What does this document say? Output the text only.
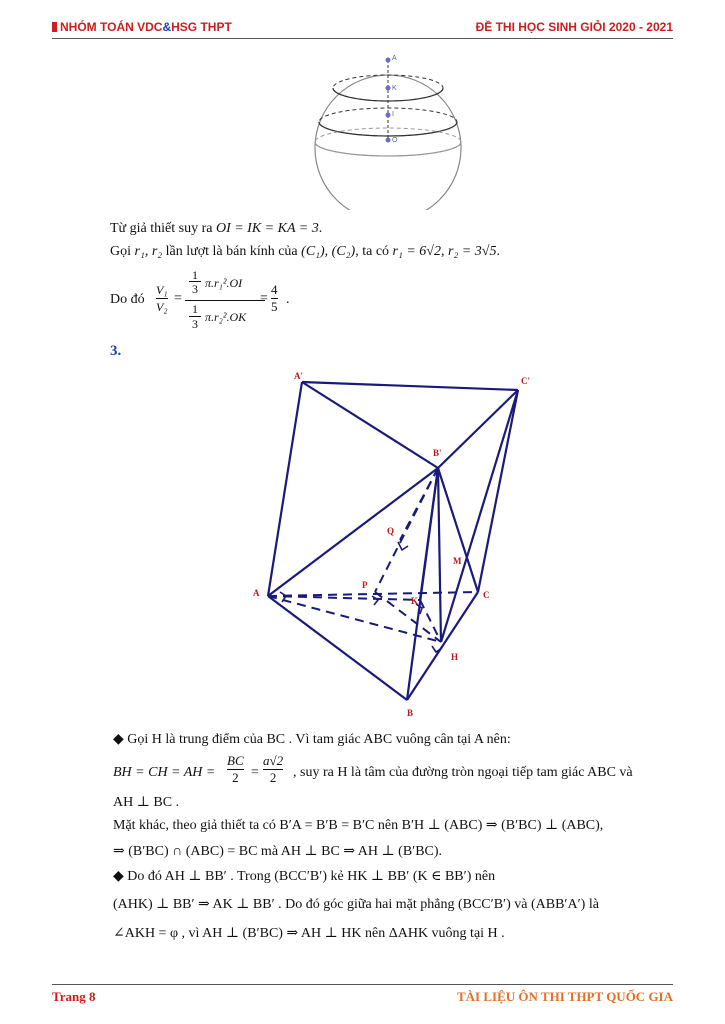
NHÓM TOÁN VDC&HSG THPT	ĐỀ THI HỌC SINH GIỎI 2020 - 2021
A
K
I
O
Từ giả thiết suy ra OI = IK = KA = 3.
Gọi r₁, r₂ lần lượt là bán kính của (C₁), (C₂), ta có r₁ = 6√2, r₂ = 3√5.
Do đó $\frac{\text{V₁}}{\text{V₂}}$ =
1
3 π.r₁².OI
1
3 π.r₂².OK
= $\frac{4}{5}$ .
3.
A'	C'
B'
Q
M
A
P
C
K
H
B
◆ Gọi H là trung điểm của BC . Vì tam giác ABC vuông cân tại A nên:
BH = CH = AH = $\frac{BC}{2} = \frac{a√2}{2}$ , suy ra H là tâm của đường tròn ngoại tiếp tam giác ABC và
AH ⊥ BC .
Mặt khác, theo giả thiết ta có B′A = B′B = B′C nên B′H ⊥ (ABC) ⇒ (B′BC) ⊥ (ABC),
⇒ (B′BC) ∩ (ABC) = BC mà AH ⊥ BC ⇒ AH ⊥ (B′BC).
◆ Do đó AH ⊥ BB′ . Trong (BCC′B′) kẻ HK ⊥ BB′ (K ∈ BB′) nên
(AHK) ⊥ BB′ ⇒ AK ⊥ BB′ . Do đó góc giữa hai mặt phẳng (BCC′B′) và (ABB′A′) là
∠AKH = φ , vì AH ⊥ (B′BC) ⇒ AH ⊥ HK nên ΔAHK vuông tại H .
Trang 8	TÀI LIỆU ÔN THI THPT QUỐC GIA
